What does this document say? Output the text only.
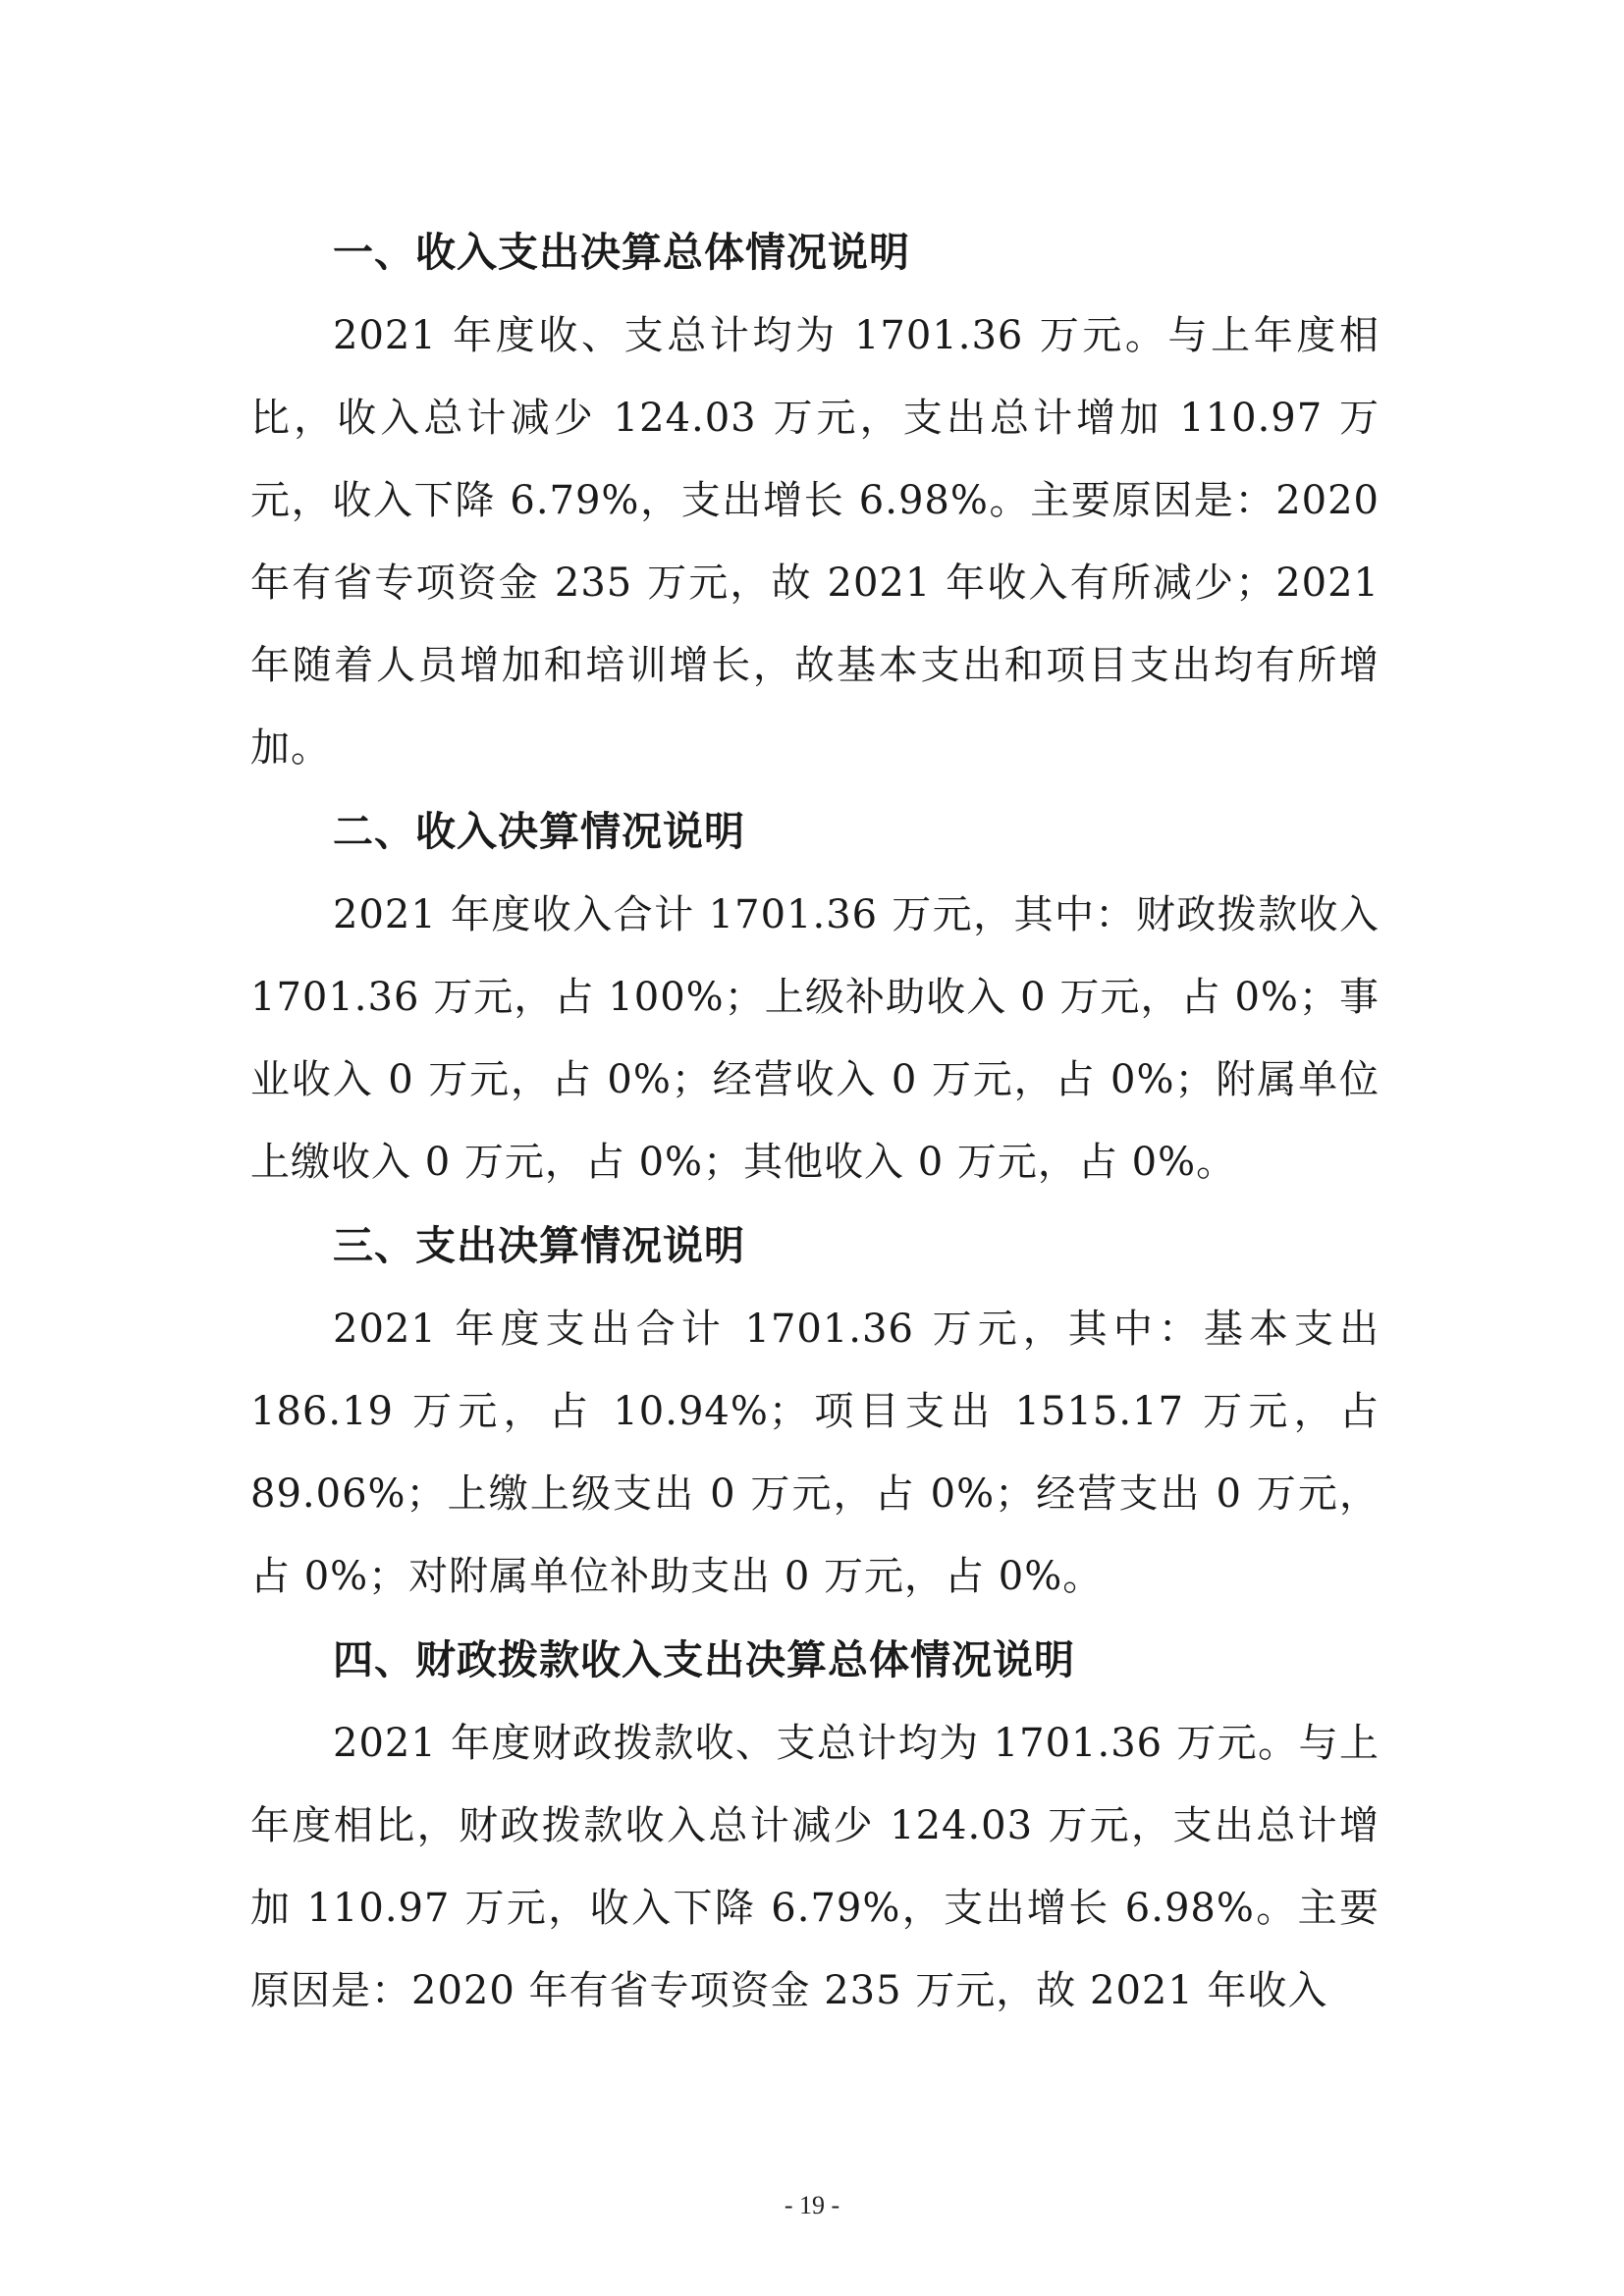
一、收入支出决算总体情况说明

2021 年度收、支总计均为 1701.36 万元。与上年度相比，收入总计减少 124.03 万元，支出总计增加 110.97 万元，收入下降 6.79%，支出增长 6.98%。主要原因是：2020 年有省专项资金 235 万元，故 2021 年收入有所减少；2021 年随着人员增加和培训增长，故基本支出和项目支出均有所增加。

二、收入决算情况说明

2021 年度收入合计 1701.36 万元，其中：财政拨款收入 1701.36 万元，占 100%；上级补助收入 0 万元，占 0%；事业收入 0 万元，占 0%；经营收入 0 万元，占 0%；附属单位上缴收入 0 万元，占 0%；其他收入 0 万元，占 0%。

三、支出决算情况说明

2021 年度支出合计 1701.36 万元，其中：基本支出 186.19 万元，占 10.94%；项目支出 1515.17 万元，占 89.06%；上缴上级支出 0 万元，占 0%；经营支出 0 万元，占 0%；对附属单位补助支出 0 万元，占 0%。

四、财政拨款收入支出决算总体情况说明

2021 年度财政拨款收、支总计均为 1701.36 万元。与上年度相比，财政拨款收入总计减少 124.03 万元，支出总计增加 110.97 万元，收入下降 6.79%，支出增长 6.98%。主要原因是：2020 年有省专项资金 235 万元，故 2021 年收入

- 19 -
